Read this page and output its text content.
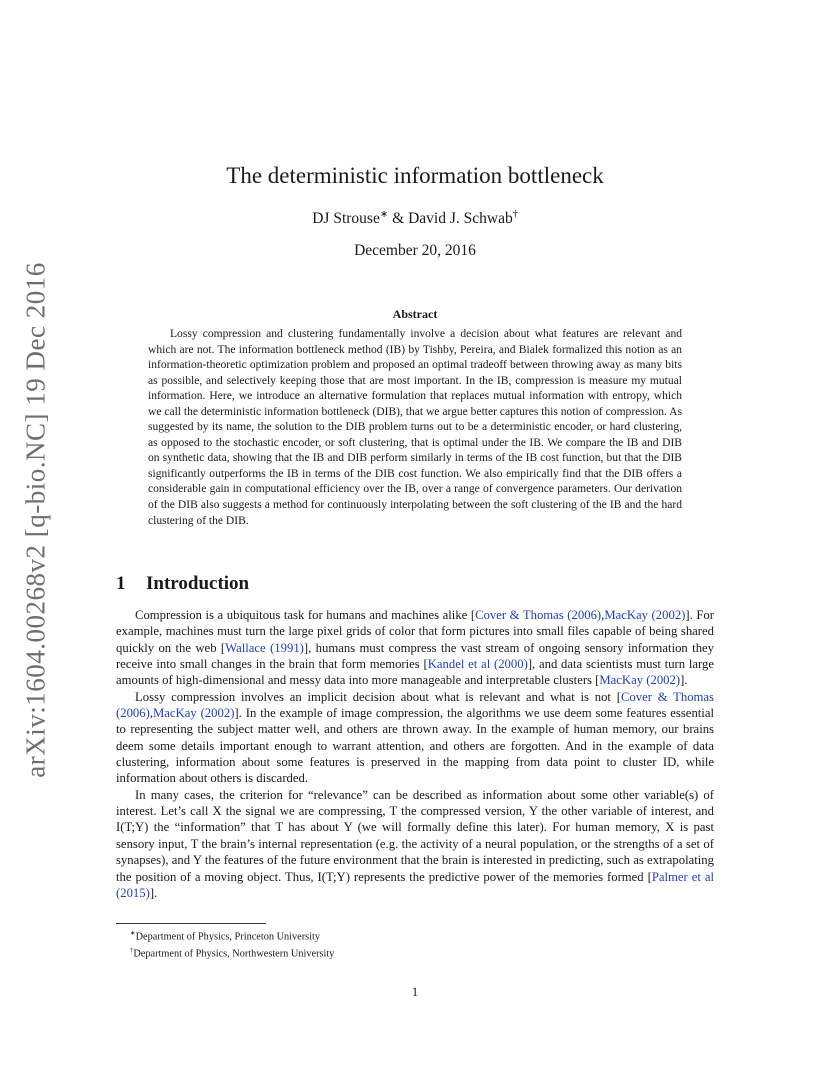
arXiv:1604.00268v2 [q-bio.NC] 19 Dec 2016
The deterministic information bottleneck
DJ Strouse∗ & David J. Schwab†
December 20, 2016
Abstract
Lossy compression and clustering fundamentally involve a decision about what features are relevant and which are not. The information bottleneck method (IB) by Tishby, Pereira, and Bialek formalized this notion as an information-theoretic optimization problem and proposed an optimal tradeoff between throwing away as many bits as possible, and selectively keeping those that are most important. In the IB, compression is measure my mutual information. Here, we introduce an alternative formulation that replaces mutual information with entropy, which we call the deterministic information bottleneck (DIB), that we argue better captures this notion of compression. As suggested by its name, the solution to the DIB problem turns out to be a deterministic encoder, or hard clustering, as opposed to the stochastic encoder, or soft clustering, that is optimal under the IB. We compare the IB and DIB on synthetic data, showing that the IB and DIB perform similarly in terms of the IB cost function, but that the DIB significantly outperforms the IB in terms of the DIB cost function. We also empirically find that the DIB offers a considerable gain in computational efficiency over the IB, over a range of convergence parameters. Our derivation of the DIB also suggests a method for continuously interpolating between the soft clustering of the IB and the hard clustering of the DIB.
1 Introduction

Compression is a ubiquitous task for humans and machines alike [Cover & Thomas (2006),MacKay (2002)]. For example, machines must turn the large pixel grids of color that form pictures into small files capable of being shared quickly on the web [Wallace (1991)], humans must compress the vast stream of ongoing sensory information they receive into small changes in the brain that form memories [Kandel et al (2000)], and data scientists must turn large amounts of high-dimensional and messy data into more manageable and interpretable clusters [MacKay (2002)].

Lossy compression involves an implicit decision about what is relevant and what is not [Cover & Thomas (2006),MacKay (2002)]. In the example of image compression, the algorithms we use deem some features essential to representing the subject matter well, and others are thrown away. In the example of human memory, our brains deem some details important enough to warrant attention, and others are forgotten. And in the example of data clustering, information about some features is preserved in the mapping from data point to cluster ID, while information about others is discarded.

In many cases, the criterion for “relevance” can be described as information about some other variable(s) of interest. Let’s call X the signal we are compressing, T the compressed version, Y the other variable of interest, and I(T;Y) the “information” that T has about Y (we will formally define this later). For human memory, X is past sensory input, T the brain’s internal representation (e.g. the activity of a neural population, or the strengths of a set of synapses), and Y the features of the future environment that the brain is interested in predicting, such as extrapolating the position of a moving object. Thus, I(T;Y) represents the predictive power of the memories formed [Palmer et al (2015)].

∗Department of Physics, Princeton University
†Department of Physics, Northwestern University
1
